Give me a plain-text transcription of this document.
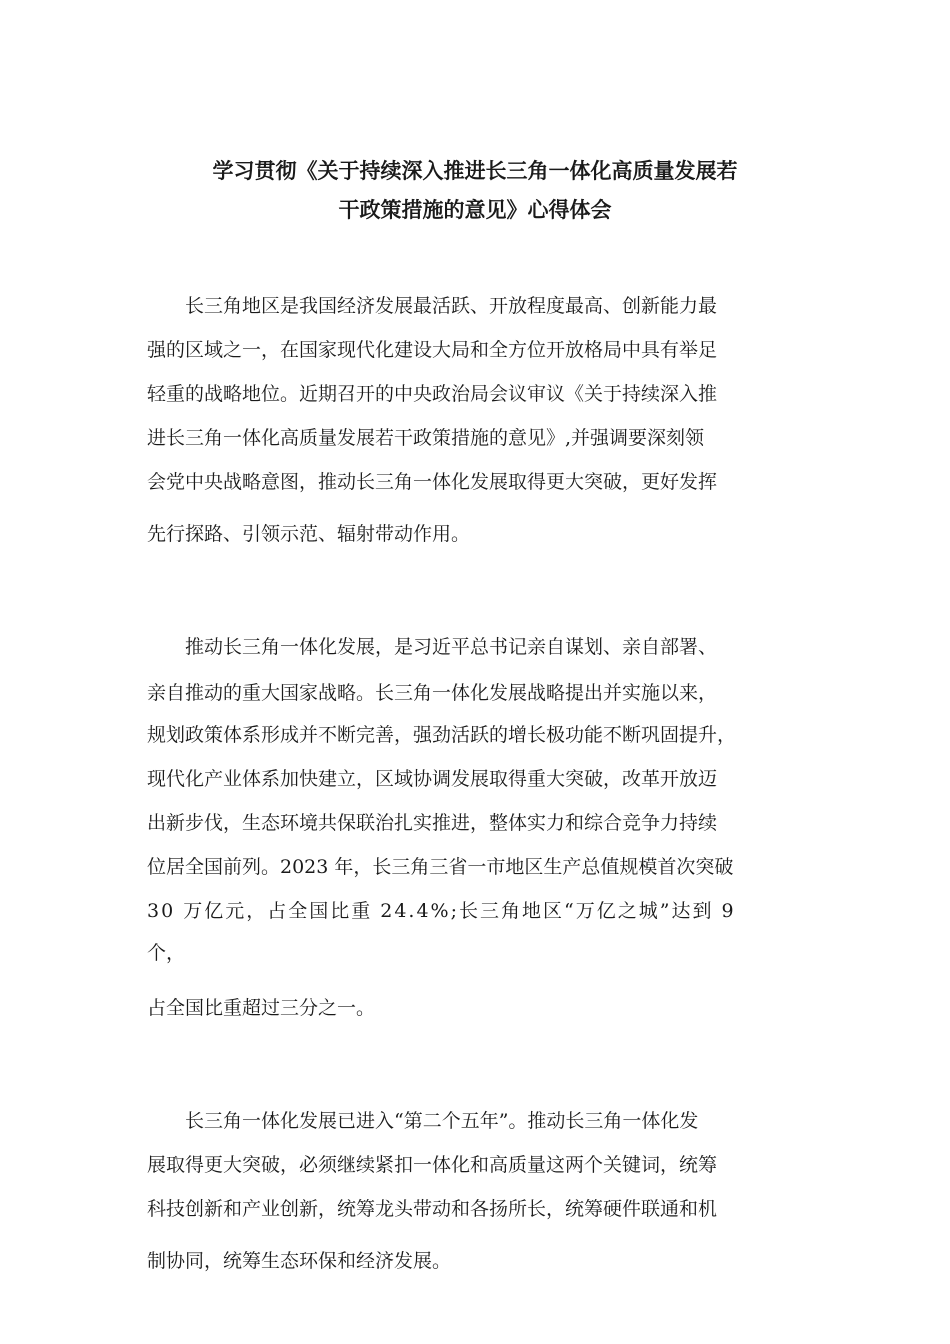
学习贯彻《关于持续深入推进长三角一体化高质量发展若
干政策措施的意见》心得体会

长三角地区是我国经济发展最活跃、开放程度最高、创新能力最

强的区域之一，在国家现代化建设大局和全方位开放格局中具有举足

轻重的战略地位。近期召开的中央政治局会议审议《关于持续深入推

进长三角一体化高质量发展若干政策措施的意见》,并强调要深刻领

会党中央战略意图，推动长三角一体化发展取得更大突破，更好发挥

先行探路、引领示范、辐射带动作用。

推动长三角一体化发展，是习近平总书记亲自谋划、亲自部署、

亲自推动的重大国家战略。长三角一体化发展战略提出并实施以来，

规划政策体系形成并不断完善，强劲活跃的增长极功能不断巩固提升，

现代化产业体系加快建立，区域协调发展取得重大突破，改革开放迈

出新步伐，生态环境共保联治扎实推进，整体实力和综合竞争力持续

位居全国前列。2023 年，长三角三省一市地区生产总值规模首次突破

30 万亿元，占全国比重 24.4%;长三角地区“万亿之城”达到 9

个，

占全国比重超过三分之一。

长三角一体化发展已进入“第二个五年”。推动长三角一体化发

展取得更大突破，必须继续紧扣一体化和高质量这两个关键词，统筹

科技创新和产业创新，统筹龙头带动和各扬所长，统筹硬件联通和机

制协同，统筹生态环保和经济发展。
